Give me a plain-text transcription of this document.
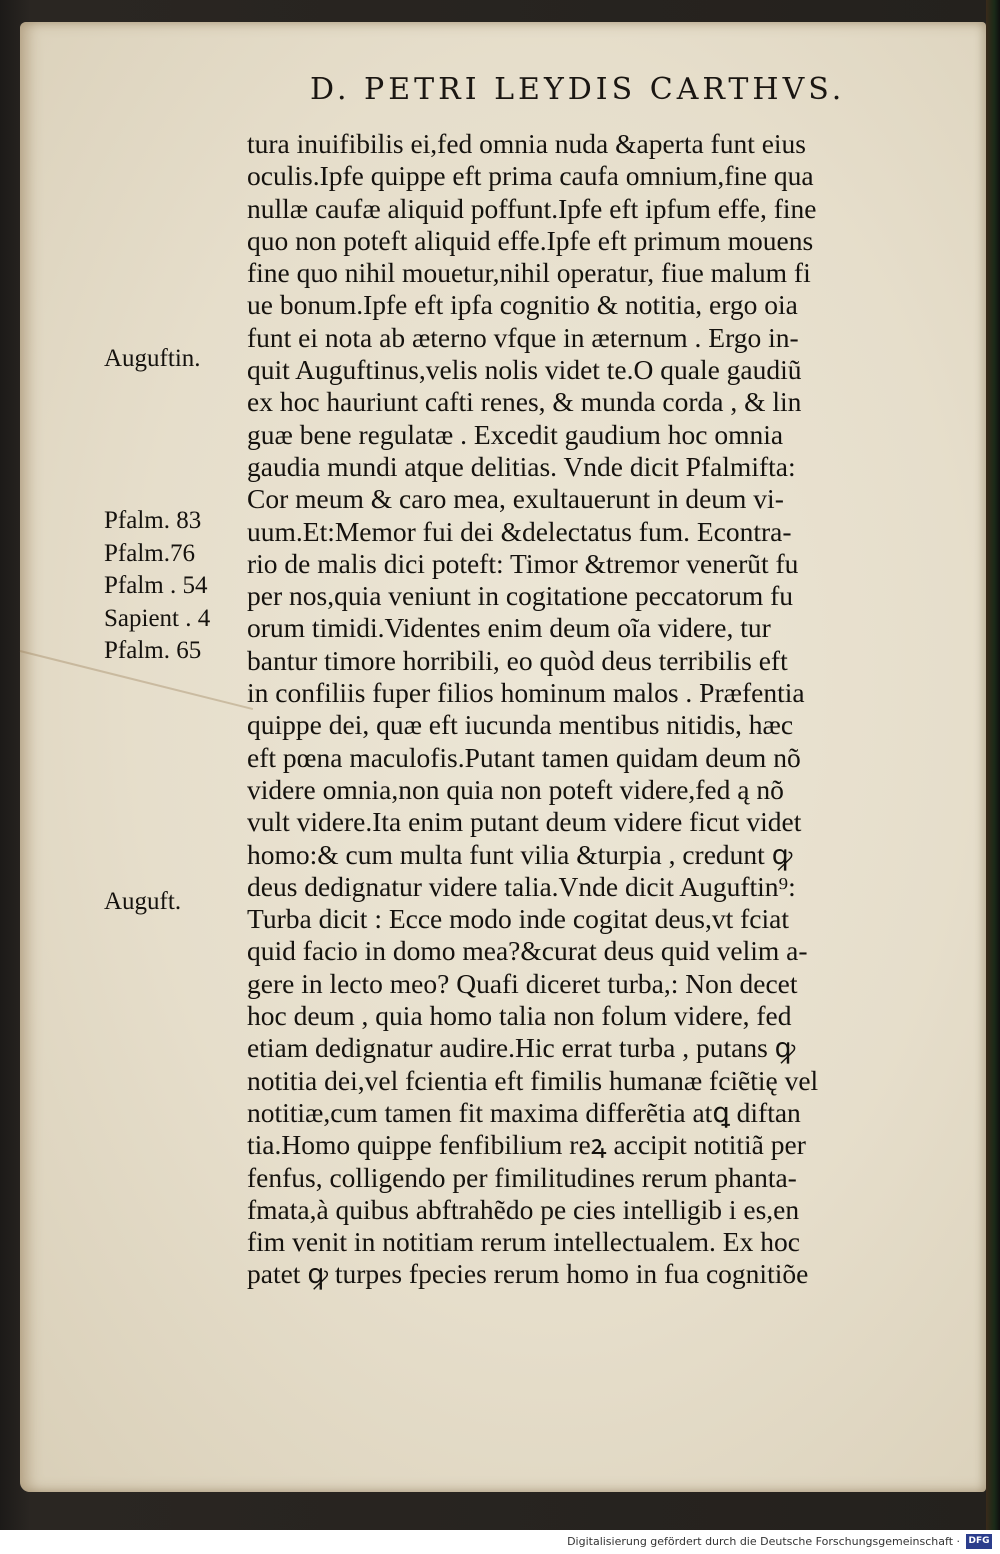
D. PETRI LEYDIS CARTHVS.
Auguftin.
Pfalm. 83
Pfalm.76
Pfalm . 54
Sapient . 4
Pfalm. 65
Auguft.
tura inuifibilis ei,fed omnia nuda &aperta funt eius
oculis.Ipfe quippe eft prima caufa omnium,fine qua
nullæ caufæ aliquid poffunt.Ipfe eft ipfum effe, fine
quo non poteft aliquid effe.Ipfe eft primum mouens
fine quo nihil mouetur,nihil operatur, fiue malum fi
ue bonum.Ipfe eft ipfa cognitio & notitia, ergo oia
funt ei nota ab æterno vfque in æternum . Ergo in-
quit Auguftinus,velis nolis videt te.O quale gaudiũ
ex hoc hauriunt cafti renes, & munda corda , & lin
guæ bene regulatæ . Excedit gaudium hoc omnia
gaudia mundi atque delitias. Vnde dicit Pfalmifta:
Cor meum & caro mea, exultauerunt in deum vi-
uum.Et:Memor fui dei &delectatus fum. Econtra-
rio de malis dici poteft: Timor &tremor venerũt fu
per nos,quia veniunt in cogitatione peccatorum fu
orum timidi.Videntes enim deum oĩa videre, tur
bantur timore horribili, eo quòd deus terribilis eft
in confiliis fuper filios hominum malos . Præfentia
quippe dei, quæ eft iucunda mentibus nitidis, hæc
eft pœna maculofis.Putant tamen quidam deum nõ
videre omnia,non quia non poteft videre,fed ą nõ
vult videre.Ita enim putant deum videre ficut videt
homo:& cum multa funt vilia &turpia , credunt ꝙ
deus dedignatur videre talia.Vnde dicit Auguftin⁹:
Turba dicit : Ecce modo inde cogitat deus,vt fciat
quid facio in domo mea?&curat deus quid velim a-
gere in lecto meo? Quafi diceret turba,: Non decet
hoc deum , quia homo talia non folum videre, fed
etiam dedignatur audire.Hic errat turba , putans ꝙ
notitia dei,vel fcientia eft fimilis humanæ fciẽtię vel
notitiæ,cum tamen fit maxima differẽtia atꝗ diftan
tia.Homo quippe fenfibilium reꝝ accipit notitiã per
fenfus, colligendo per fimilitudines rerum phanta-
fmata,à quibus abftrahẽdo pe cies intelligib i es,en
fim venit in notitiam rerum intellectualem. Ex hoc
patet ꝙ turpes fpecies rerum homo in fua cognitiõe
Digitalisierung gefördert durch die Deutsche Forschungsgemeinschaft · DFG
